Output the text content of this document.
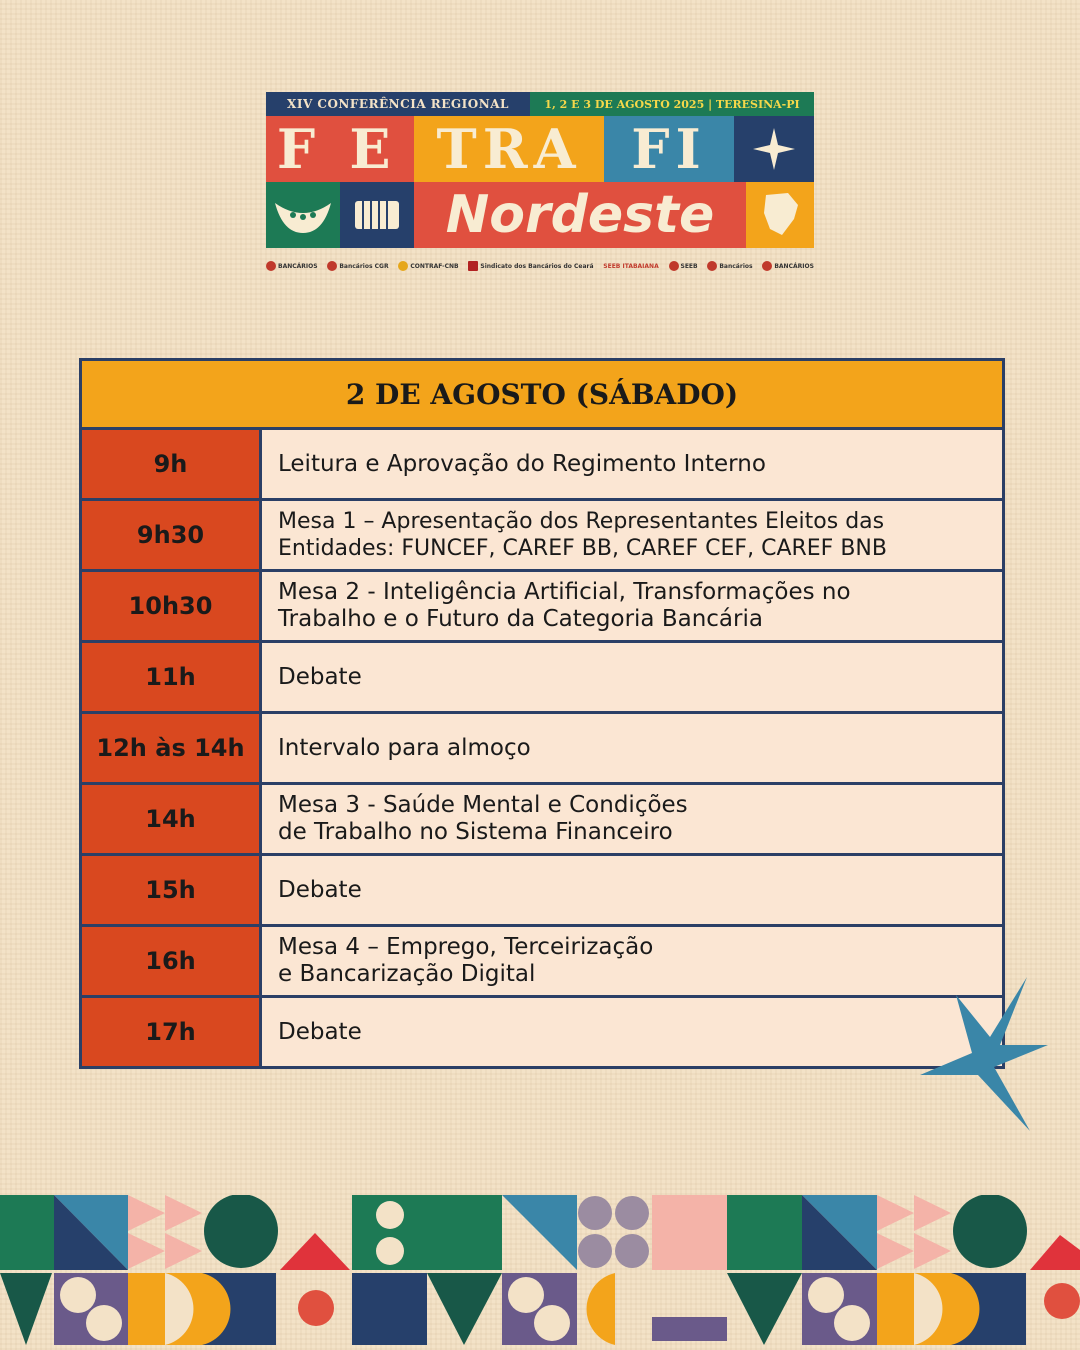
XIV CONFERÊNCIA REGIONAL	1, 2 E 3 DE AGOSTO 2025 | TERESINA-PI
F E TRA FI
Nordeste
BANCÁRIOS	Bancários CGR	CONTRAF-CNB	Sindicato dos Bancários do Ceará SEEB ITABAIANA	SEEB	Bancários	BANCÁRIOS
2 DE AGOSTO (SÁBADO)
9h	Leitura e Aprovação do Regimento Interno
9h30	Mesa 1 – Apresentação dos Representantes Eleitos das
Entidades: FUNCEF, CAREF BB, CAREF CEF, CAREF BNB
10h30	Mesa 2 - Inteligência Artificial, Transformações no
Trabalho e o Futuro da Categoria Bancária
11h	Debate
12h às 14h	Intervalo para almoço
14h	Mesa 3 - Saúde Mental e Condições
de Trabalho no Sistema Financeiro
15h	Debate
16h	Mesa 4 – Emprego, Terceirização
e Bancarização Digital
17h	Debate
